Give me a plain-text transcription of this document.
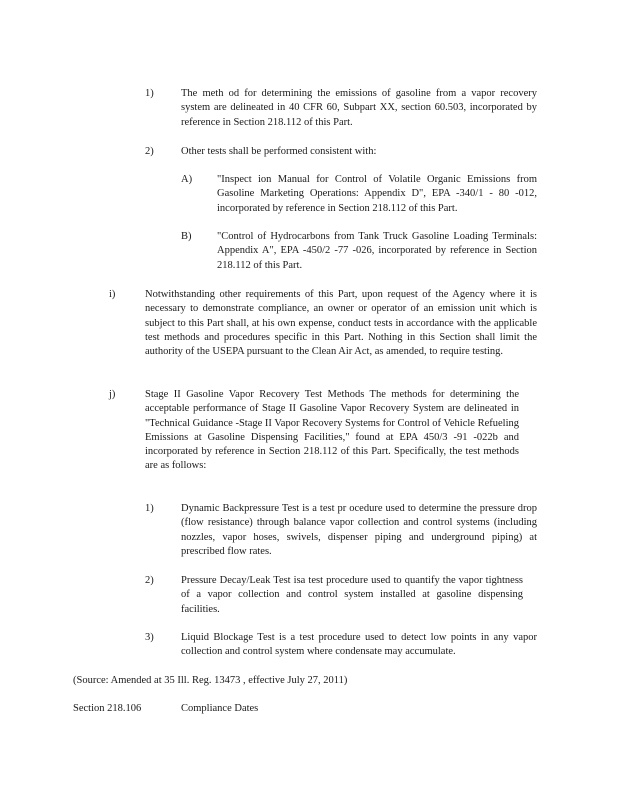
1)	The meth od for determining the emissions of gasoline from a vapor recovery system are delineated in 40 CFR 60, Subpart XX, section 60.503, incorporated by reference in Section 218.112 of this Part.
2)	Other tests shall be performed consistent with:
A) "Inspect ion Manual for Control of Volatile Organic Emissions from Gasoline Marketing Operations: Appendix D", EPA -340/1 - 80 -012, incorporated by reference in Section 218.112 of this Part.
B) "Control of Hydrocarbons from Tank Truck Gasoline Loading Terminals: Appendix A", EPA -450/2 -77 -026, incorporated by reference in Section 218.112 of this Part.
i)	Notwithstanding other requirements of this Part, upon request of the Agency where it is necessary to demonstrate compliance, an owner or operator of an emission unit which is subject to this Part shall, at his own expense, conduct tests in accordance with the applicable test methods and procedures specific in this Part. Nothing in this Section shall limit the authority of the USEPA pursuant to the Clean Air Act, as amended, to require testing.
j)	Stage II Gasoline Vapor Recovery Test Methods The methods for determining the acceptable performance of Stage II Gasoline Vapor Recovery System are delineated in "Technical Guidance -Stage II Vapor Recovery Systems for Control of Vehicle Refueling Emissions at Gasoline Dispensing Facilities," found at EPA 450/3 -91 -022b and incorporated by reference in Section 218.112 of this Part. Specifically, the test methods are as follows:
1)	Dynamic Backpressure Test is a test pr ocedure used to determine the pressure drop (flow resistance) through balance vapor collection and control systems (including nozzles, vapor hoses, swivels, dispenser piping and underground piping) at prescribed flow rates.
2)	Pressure Decay/Leak Test isa test procedure used to quantify the vapor tightness of a vapor collection and control system installed at gasoline dispensing facilities.
3)	Liquid Blockage Test is a test procedure used to detect low points in any vapor collection and control system where condensate may accumulate.
(Source: Amended at 35 Ill. Reg. 13473 , effective July 27, 2011)
Section 218.106	Compliance Dates
